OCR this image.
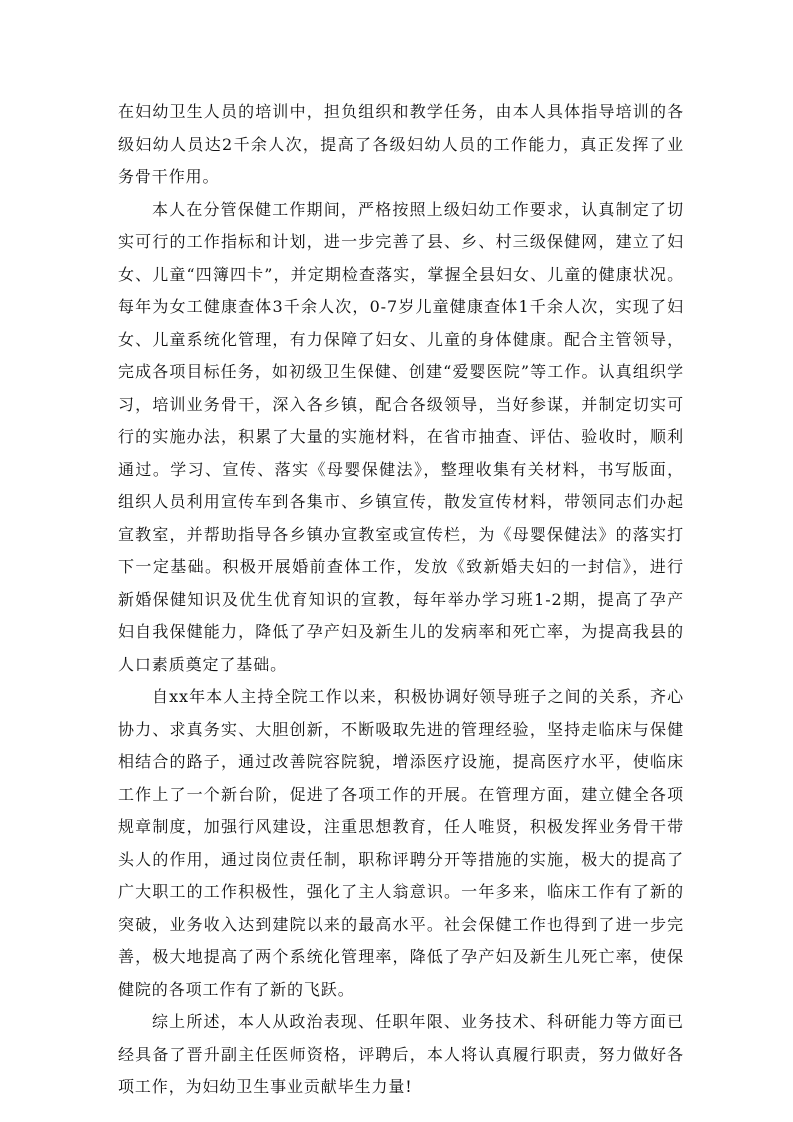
在妇幼卫生人员的培训中，担负组织和教学任务，由本人具体指导培训的各级妇幼人员达2千余人次，提高了各级妇幼人员的工作能力，真正发挥了业务骨干作用。

本人在分管保健工作期间，严格按照上级妇幼工作要求，认真制定了切实可行的工作指标和计划，进一步完善了县、乡、村三级保健网，建立了妇女、儿童“四簿四卡”，并定期检查落实，掌握全县妇女、儿童的健康状况。每年为女工健康查体3千余人次，0-7岁儿童健康查体1千余人次，实现了妇女、儿童系统化管理，有力保障了妇女、儿童的身体健康。配合主管领导，完成各项目标任务，如初级卫生保健、创建“爱婴医院”等工作。认真组织学习，培训业务骨干，深入各乡镇，配合各级领导，当好参谋，并制定切实可行的实施办法，积累了大量的实施材料，在省市抽查、评估、验收时，顺利通过。学习、宣传、落实《母婴保健法》，整理收集有关材料，书写版面，组织人员利用宣传车到各集市、乡镇宣传，散发宣传材料，带领同志们办起宣教室，并帮助指导各乡镇办宣教室或宣传栏，为《母婴保健法》的落实打下一定基础。积极开展婚前查体工作，发放《致新婚夫妇的一封信》，进行新婚保健知识及优生优育知识的宣教，每年举办学习班1-2期，提高了孕产妇自我保健能力，降低了孕产妇及新生儿的发病率和死亡率，为提高我县的人口素质奠定了基础。

自xx年本人主持全院工作以来，积极协调好领导班子之间的关系，齐心协力、求真务实、大胆创新，不断吸取先进的管理经验，坚持走临床与保健相结合的路子，通过改善院容院貌，增添医疗设施，提高医疗水平，使临床工作上了一个新台阶，促进了各项工作的开展。在管理方面，建立健全各项规章制度，加强行风建设，注重思想教育，任人唯贤，积极发挥业务骨干带头人的作用，通过岗位责任制，职称评聘分开等措施的实施，极大的提高了广大职工的工作积极性，强化了主人翁意识。一年多来，临床工作有了新的突破，业务收入达到建院以来的最高水平。社会保健工作也得到了进一步完善，极大地提高了两个系统化管理率，降低了孕产妇及新生儿死亡率，使保健院的各项工作有了新的飞跃。

综上所述，本人从政治表现、任职年限、业务技术、科研能力等方面已经具备了晋升副主任医师资格，评聘后，本人将认真履行职责，努力做好各项工作，为妇幼卫生事业贡献毕生力量!
